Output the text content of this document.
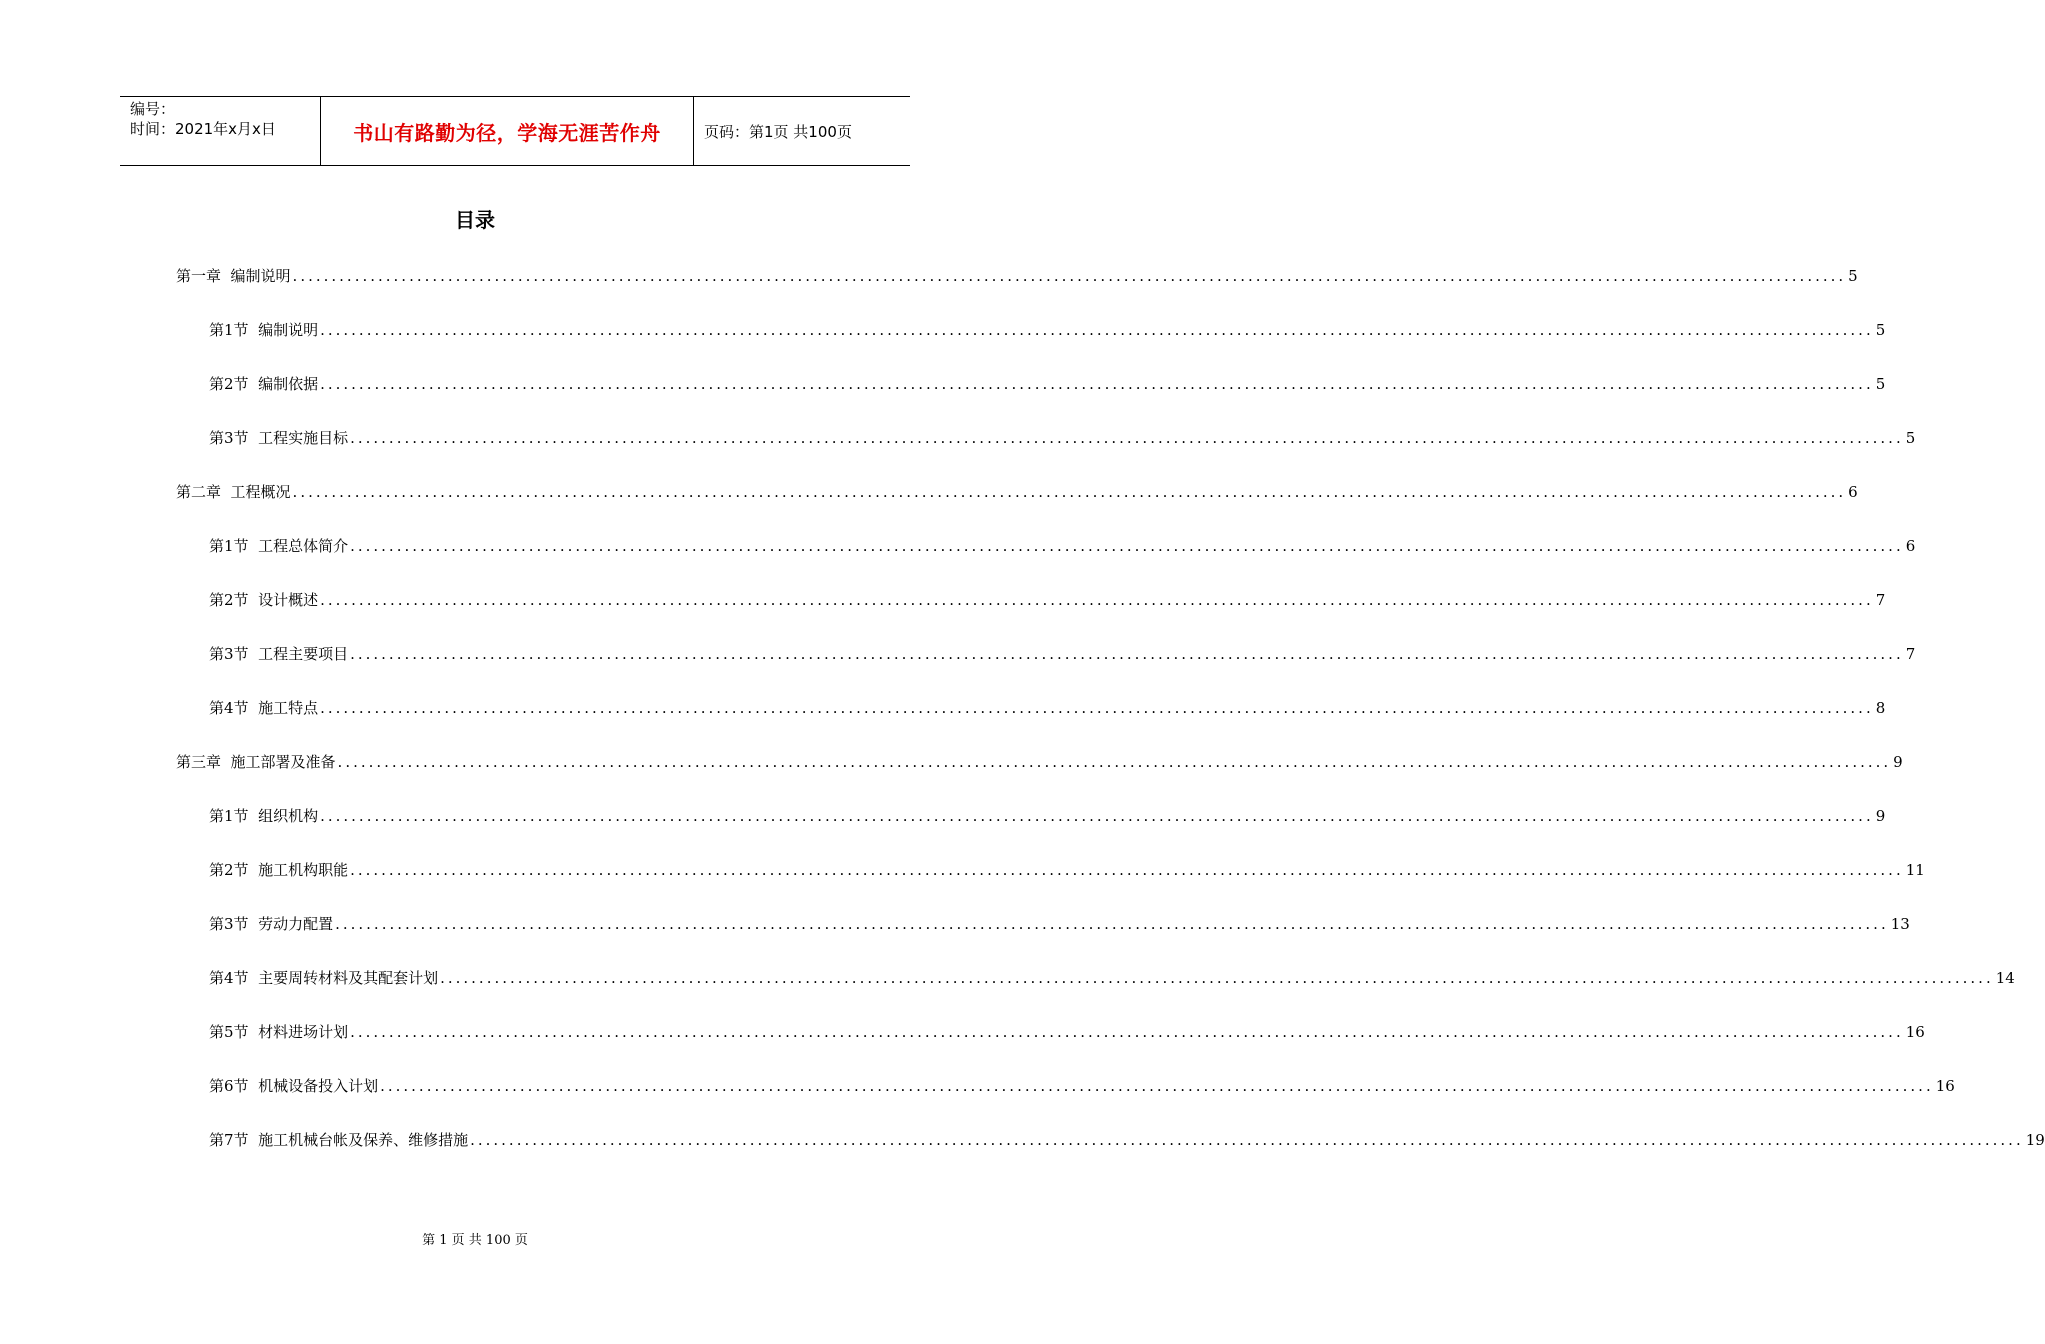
编号：
时间：2021年x月x日	书山有路勤为径，学海无涯苦作舟	页码：第1页 共100页
目录
第一章  编制说明 ........................................................................................................................................................................................................ 5
第1节  编制说明 ........................................................................................................................................................................................................ 5
第2节  编制依据 ........................................................................................................................................................................................................ 5
第3节  工程实施目标 ........................................................................................................................................................................................................ 5
第二章  工程概况 ........................................................................................................................................................................................................ 6
第1节  工程总体简介 ........................................................................................................................................................................................................ 6
第2节  设计概述 ........................................................................................................................................................................................................ 7
第3节  工程主要项目 ........................................................................................................................................................................................................ 7
第4节  施工特点 ........................................................................................................................................................................................................ 8
第三章  施工部署及准备 ........................................................................................................................................................................................................ 9
第1节  组织机构 ........................................................................................................................................................................................................ 9
第2节  施工机构职能 ........................................................................................................................................................................................................ 11
第3节  劳动力配置 ........................................................................................................................................................................................................ 13
第4节  主要周转材料及其配套计划 ........................................................................................................................................................................................................ 14
第5节  材料进场计划 ........................................................................................................................................................................................................ 16
第6节  机械设备投入计划 ........................................................................................................................................................................................................ 16
第7节  施工机械台帐及保养、维修措施 ........................................................................................................................................................................................................ 19
第 1 页 共 100 页
